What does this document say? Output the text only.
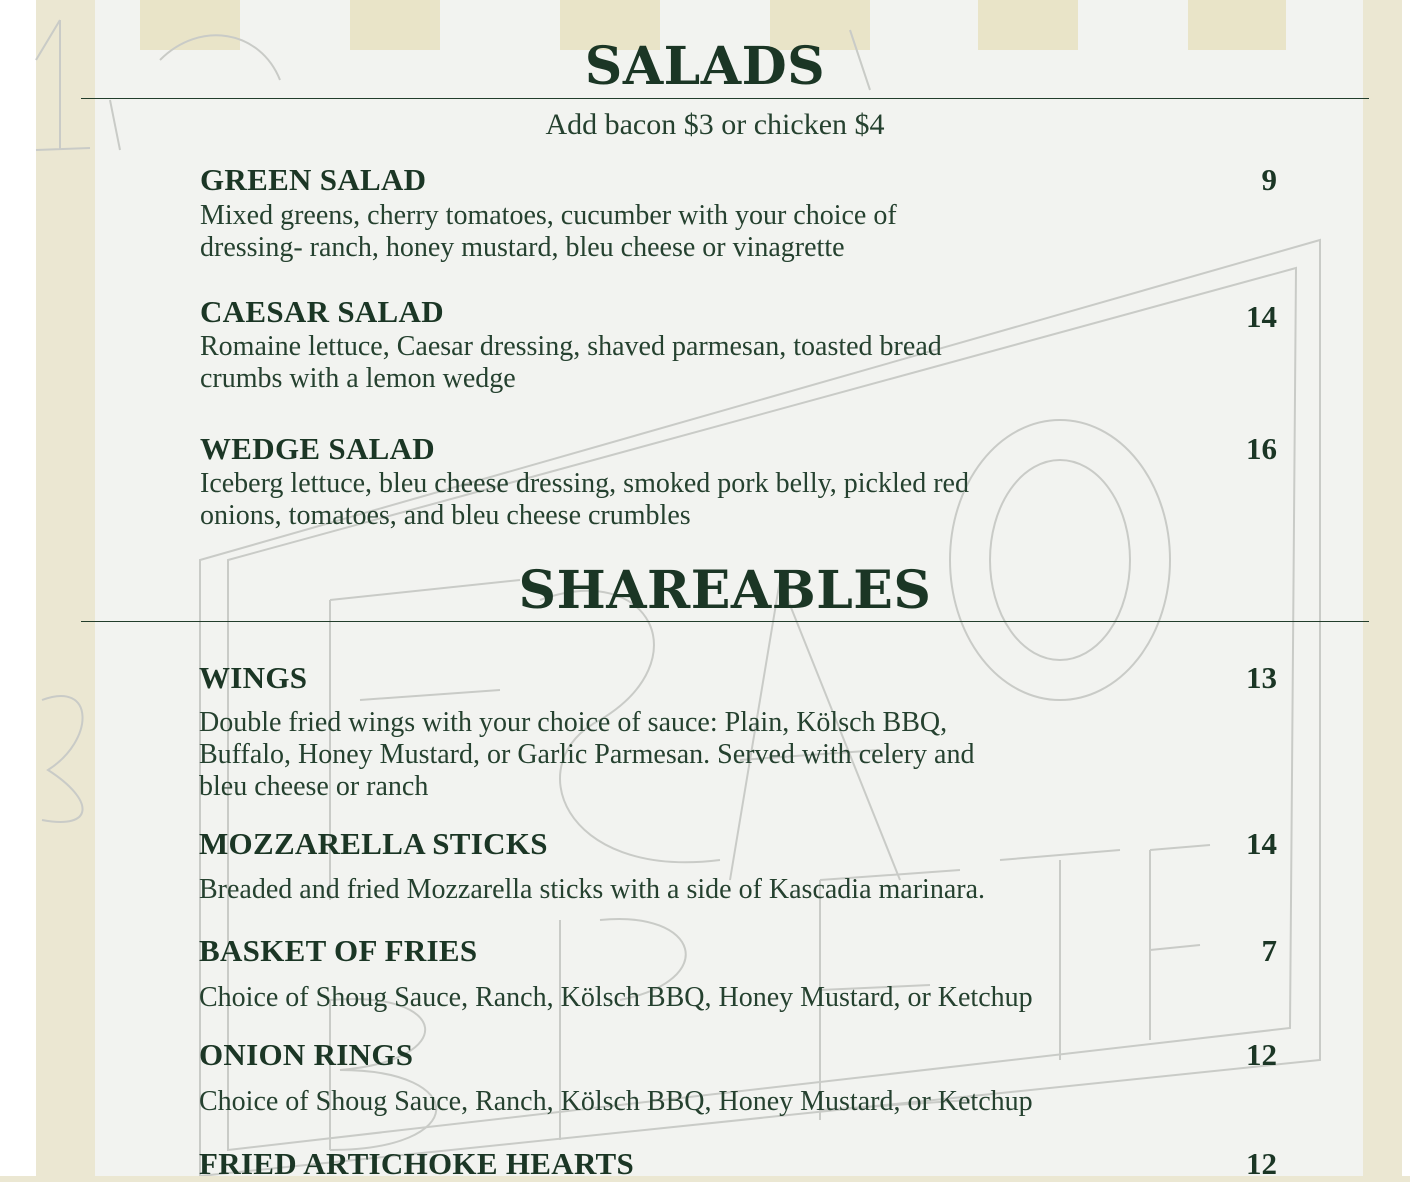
SALADS
Add bacon $3 or chicken $4

GREEN SALAD	9

Mixed greens, cherry tomatoes, cucumber with your choice of

dressing- ranch, honey mustard, bleu cheese or vinagrette

CAESAR SALAD	14

Romaine lettuce, Caesar dressing, shaved parmesan, toasted bread

crumbs with a lemon wedge

WEDGE SALAD	16

Iceberg lettuce, bleu cheese dressing, smoked pork belly, pickled red

onions, tomatoes, and bleu cheese crumbles

SHAREABLES

WINGS	13

Double fried wings with your choice of sauce: Plain, Kölsch BBQ,

Buffalo, Honey Mustard, or Garlic Parmesan. Served with celery and

bleu cheese or ranch

MOZZARELLA STICKS	14

Breaded and fried Mozzarella sticks with a side of Kascadia marinara.

BASKET OF FRIES	7

Choice of Shoug Sauce, Ranch, Kölsch BBQ, Honey Mustard, or Ketchup

ONION RINGS	12

Choice of Shoug Sauce, Ranch, Kölsch BBQ, Honey Mustard, or Ketchup

FRIED ARTICHOKE HEARTS	12
